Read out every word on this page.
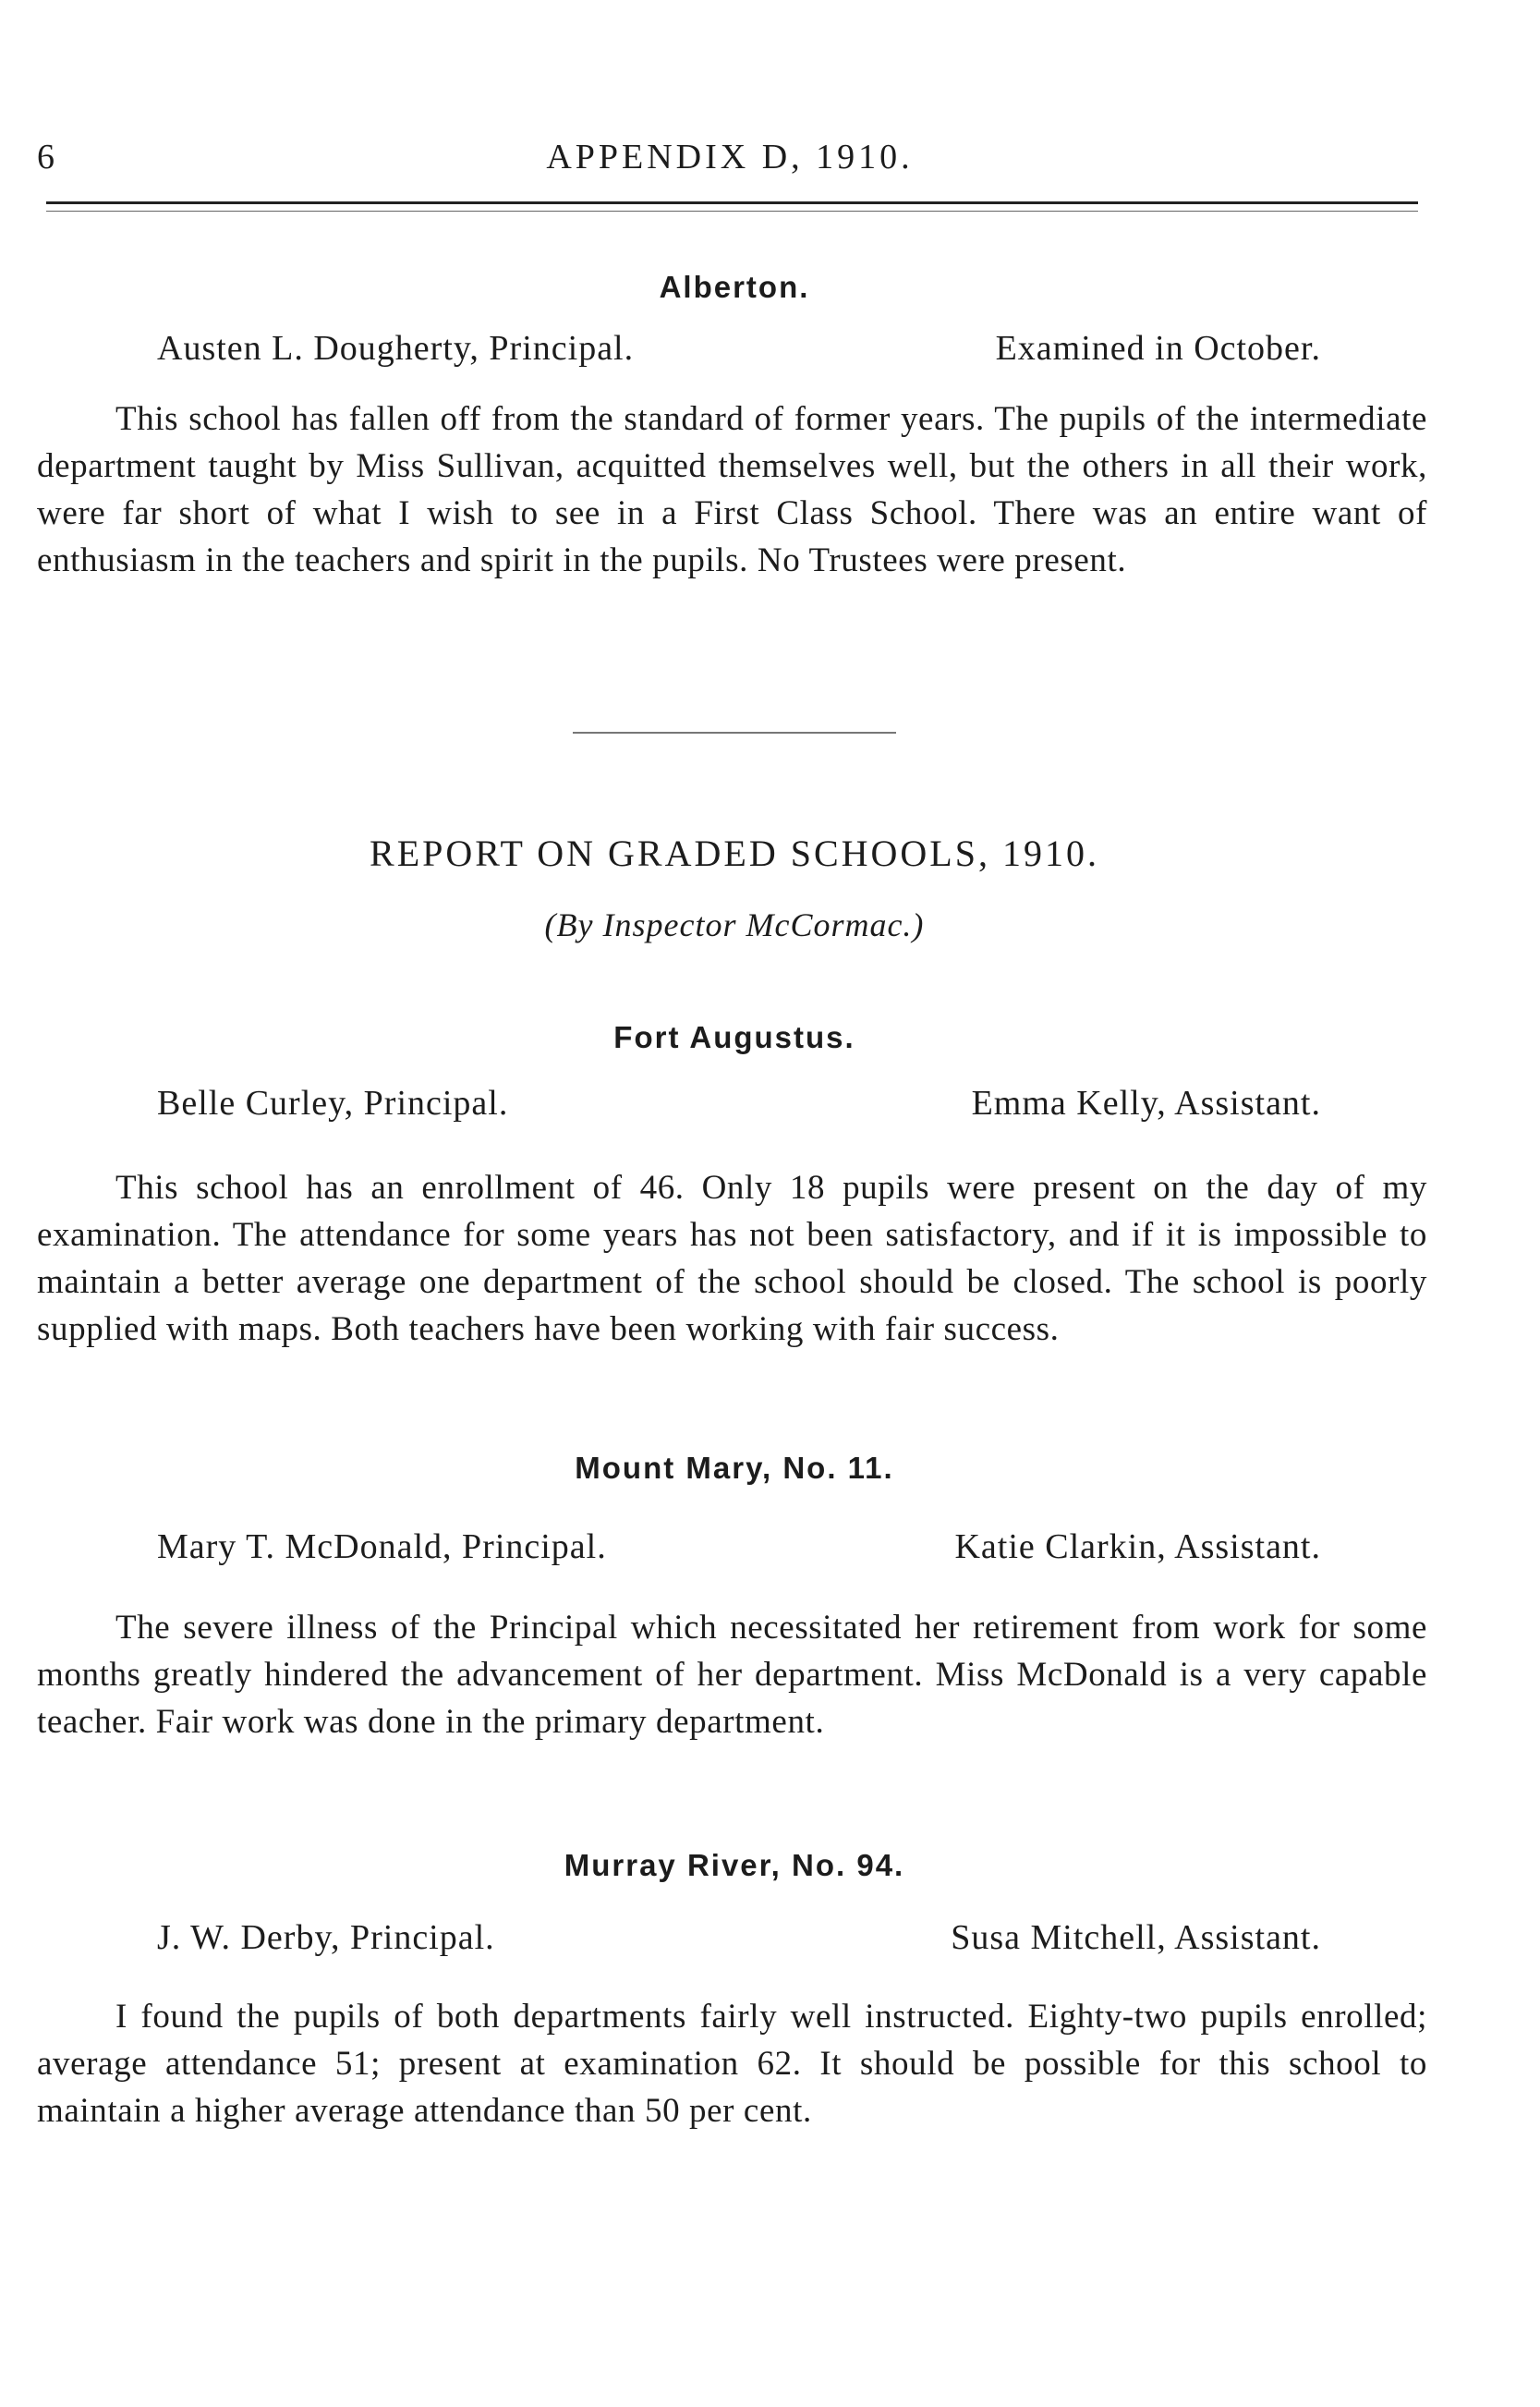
6	APPENDIX D, 1910.
Alberton.
Austen L. Dougherty, Principal.	Examined in October.

This school has fallen off from the standard of former years. The pupils of the intermediate department taught by Miss Sullivan, acquitted themselves well, but the others in all their work, were far short of what I wish to see in a First Class School. There was an entire want of enthusiasm in the teachers and spirit in the pupils. No Trustees were present.

REPORT ON GRADED SCHOOLS, 1910.
(By Inspector McCormac.)
Fort Augustus.
Belle Curley, Principal.	Emma Kelly, Assistant.

This school has an enrollment of 46. Only 18 pupils were present on the day of my examination. The attendance for some years has not been satisfactory, and if it is impossible to maintain a better average one department of the school should be closed. The school is poorly supplied with maps. Both teachers have been working with fair success.

Mount Mary, No. 11.
Mary T. McDonald, Principal.	Katie Clarkin, Assistant.

The severe illness of the Principal which necessitated her retirement from work for some months greatly hindered the advancement of her department. Miss McDonald is a very capable teacher. Fair work was done in the primary department.

Murray River, No. 94.
J. W. Derby, Principal.	Susa Mitchell, Assistant.

I found the pupils of both departments fairly well instructed. Eighty-two pupils enrolled; average attendance 51; present at examination 62. It should be possible for this school to maintain a higher average attendance than 50 per cent.
